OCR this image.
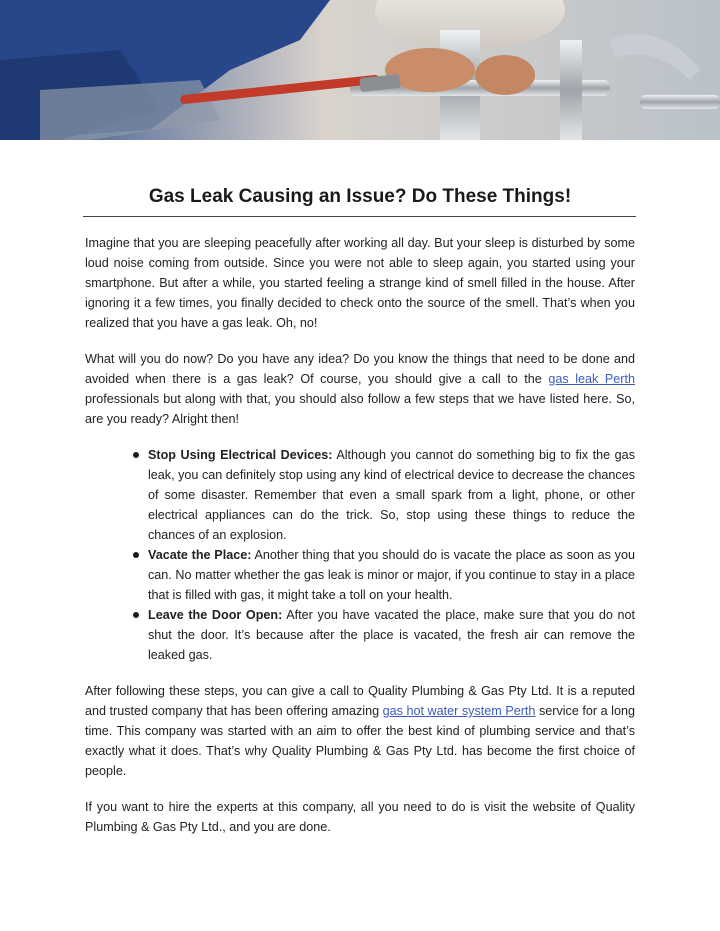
Gas Leak Causing an Issue? Do These Things!

Imagine that you are sleeping peacefully after working all day. But your sleep is disturbed by some loud noise coming from outside. Since you were not able to sleep again, you started using your smartphone. But after a while, you started feeling a strange kind of smell filled in the house. After ignoring it a few times, you finally decided to check onto the source of the smell. That’s when you realized that you have a gas leak. Oh, no!

What will you do now? Do you have any idea? Do you know the things that need to be done and avoided when there is a gas leak? Of course, you should give a call to the gas leak Perth professionals but along with that, you should also follow a few steps that we have listed here. So, are you ready? Alright then!

Stop Using Electrical Devices: Although you cannot do something big to fix the gas leak, you can definitely stop using any kind of electrical device to decrease the chances of some disaster. Remember that even a small spark from a light, phone, or other electrical appliances can do the trick. So, stop using these things to reduce the chances of an explosion.
Vacate the Place: Another thing that you should do is vacate the place as soon as you can. No matter whether the gas leak is minor or major, if you continue to stay in a place that is filled with gas, it might take a toll on your health.
Leave the Door Open: After you have vacated the place, make sure that you do not shut the door. It’s because after the place is vacated, the fresh air can remove the leaked gas.

After following these steps, you can give a call to Quality Plumbing & Gas Pty Ltd. It is a reputed and trusted company that has been offering amazing gas hot water system Perth service for a long time. This company was started with an aim to offer the best kind of plumbing service and that’s exactly what it does. That’s why Quality Plumbing & Gas Pty Ltd. has become the first choice of people.

If you want to hire the experts at this company, all you need to do is visit the website of Quality Plumbing & Gas Pty Ltd., and you are done.
